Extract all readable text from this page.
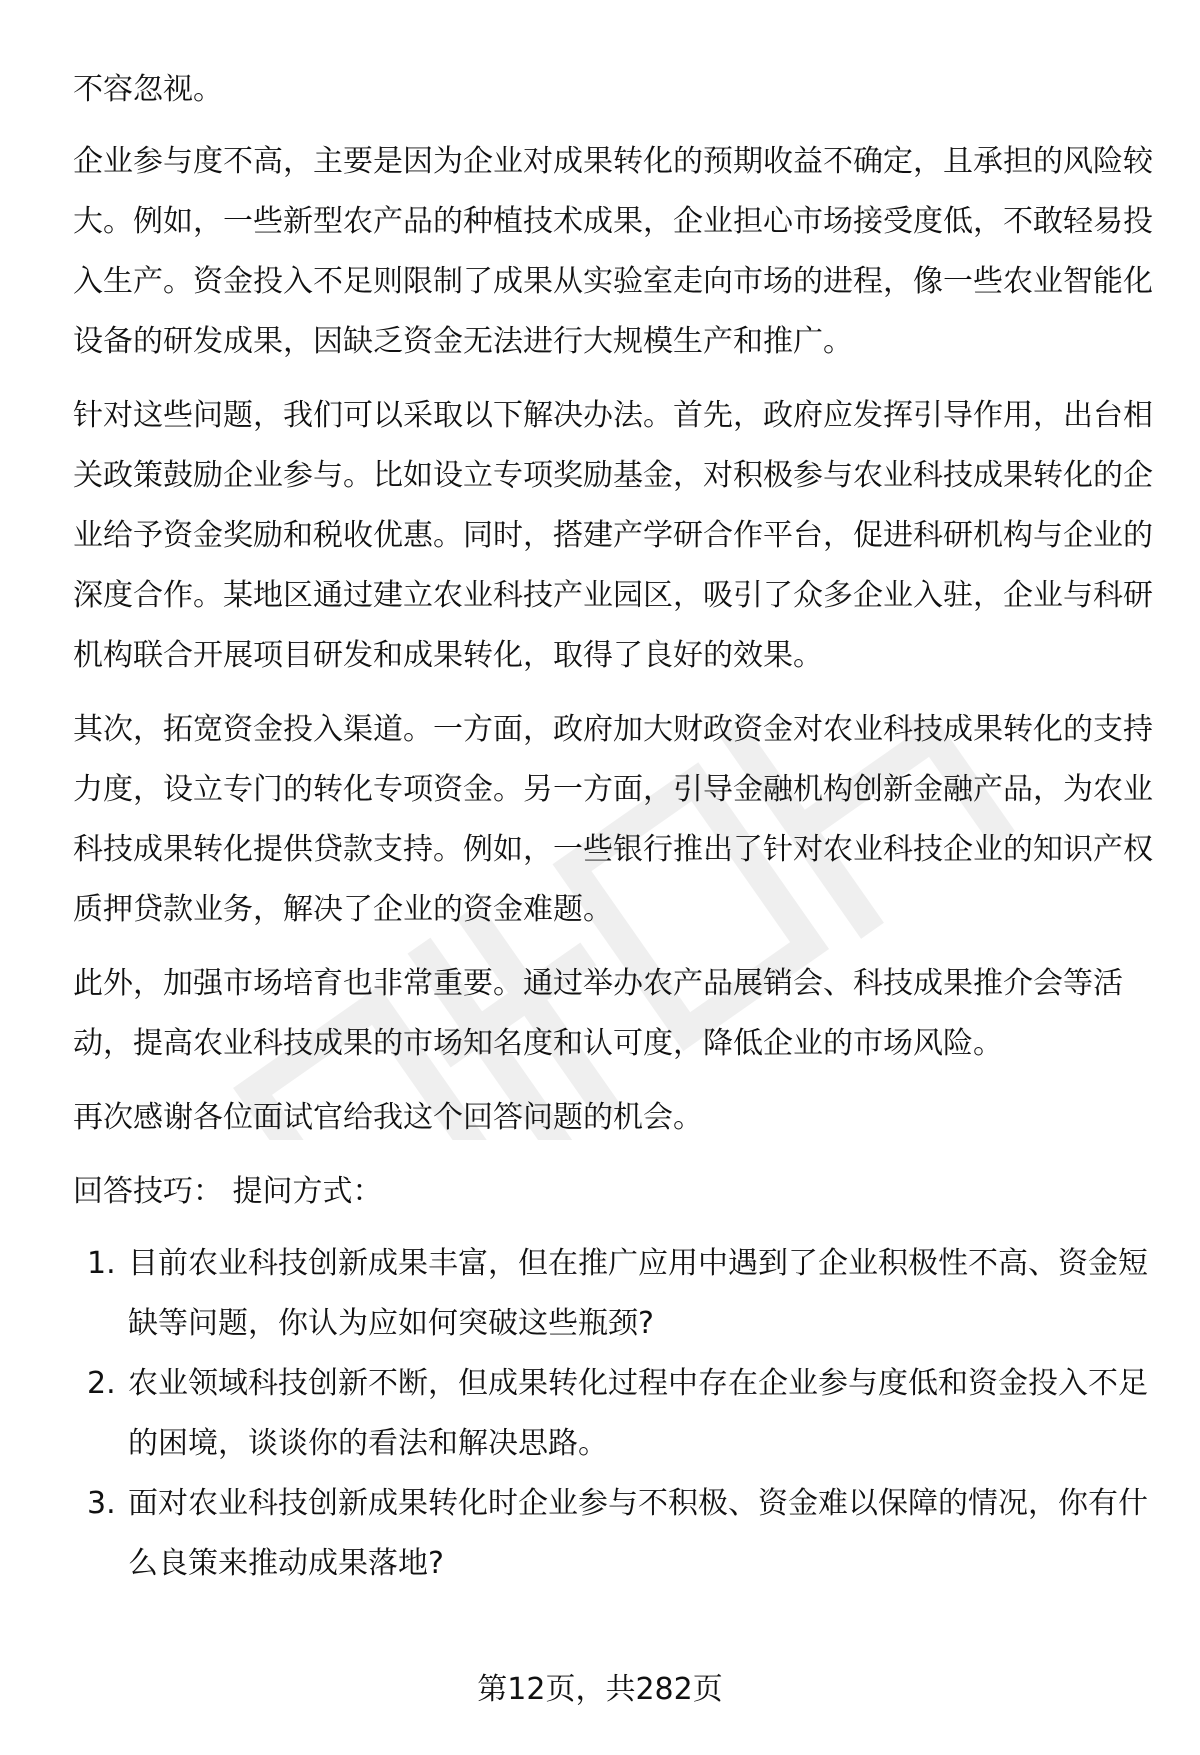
不容忽视。

企业参与度不高，主要是因为企业对成果转化的预期收益不确定，且承担的风险较大。例如，一些新型农产品的种植技术成果，企业担心市场接受度低，不敢轻易投入生产。资金投入不足则限制了成果从实验室走向市场的进程，像一些农业智能化设备的研发成果，因缺乏资金无法进行大规模生产和推广。

针对这些问题，我们可以采取以下解决办法。首先，政府应发挥引导作用，出台相关政策鼓励企业参与。比如设立专项奖励基金，对积极参与农业科技成果转化的企业给予资金奖励和税收优惠。同时，搭建产学研合作平台，促进科研机构与企业的深度合作。某地区通过建立农业科技产业园区，吸引了众多企业入驻，企业与科研机构联合开展项目研发和成果转化，取得了良好的效果。

其次，拓宽资金投入渠道。一方面，政府加大财政资金对农业科技成果转化的支持力度，设立专门的转化专项资金。另一方面，引导金融机构创新金融产品，为农业科技成果转化提供贷款支持。例如，一些银行推出了针对农业科技企业的知识产权质押贷款业务，解决了企业的资金难题。

此外，加强市场培育也非常重要。通过举办农产品展销会、科技成果推介会等活动，提高农业科技成果的市场知名度和认可度，降低企业的市场风险。

再次感谢各位面试官给我这个回答问题的机会。

回答技巧： 提问方式：

1. 目前农业科技创新成果丰富，但在推广应用中遇到了企业积极性不高、资金短缺等问题，你认为应如何突破这些瓶颈?
2. 农业领域科技创新不断，但成果转化过程中存在企业参与度低和资金投入不足的困境，谈谈你的看法和解决思路。
3. 面对农业科技创新成果转化时企业参与不积极、资金难以保障的情况，你有什么良策来推动成果落地?
第12页，共282页
